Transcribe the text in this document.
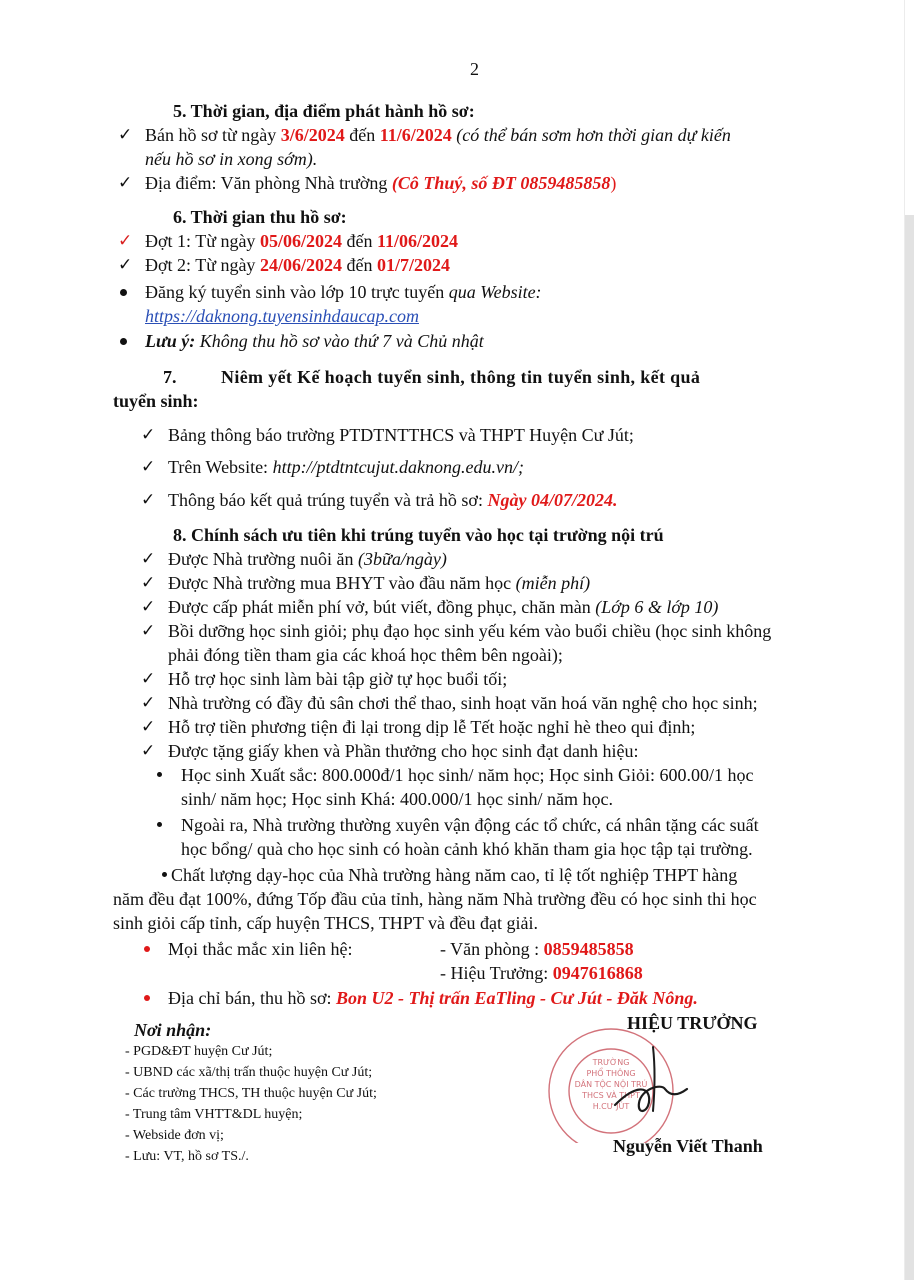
2
5. Thời gian, địa điểm phát hành hồ sơ:
✓ Bán hồ sơ từ ngày 3/6/2024 đến 11/6/2024 (có thể bán sơm hơn thời gian dự kiến
nếu hồ sơ in xong sớm).
✓ Địa điểm: Văn phòng Nhà trường (Cô Thuý, số ĐT 0859485858)
6. Thời gian thu hồ sơ:
✓ Đợt 1: Từ ngày 05/06/2024 đến 11/06/2024
✓ Đợt 2: Từ ngày 24/06/2024 đến 01/7/2024
Đăng ký tuyển sinh vào lớp 10 trực tuyến qua Website:
https://daknong.tuyensinhdaucap.com
Lưu ý: Không thu hồ sơ vào thứ 7 và Chủ nhật
7. Niêm yết Kế hoạch tuyển sinh, thông tin tuyển sinh, kết quả
tuyển sinh:
✓ Bảng thông báo trường PTDTNTTHCS và THPT Huyện Cư Jút;
✓ Trên Website: http://ptdtntcujut.daknong.edu.vn/;
✓ Thông báo kết quả trúng tuyển và trả hồ sơ: Ngày 04/07/2024.
8. Chính sách ưu tiên khi trúng tuyển vào học tại trường nội trú
✓ Được Nhà trường nuôi ăn (3bữa/ngày)
✓ Được Nhà trường mua BHYT vào đầu năm học (miễn phí)
✓ Được cấp phát miễn phí vở, bút viết, đồng phục, chăn màn (Lớp 6 & lớp 10)
✓ Bồi dưỡng học sinh giỏi; phụ đạo học sinh yếu kém vào buổi chiều (học sinh không
phải đóng tiền tham gia các khoá học thêm bên ngoài);
✓ Hỗ trợ học sinh làm bài tập giờ tự học buổi tối;
✓ Nhà trường có đầy đủ sân chơi thể thao, sinh hoạt văn hoá văn nghệ cho học sinh;
✓ Hỗ trợ tiền phương tiện đi lại trong dịp lễ Tết hoặc nghỉ hè theo qui định;
✓ Được tặng giấy khen và Phần thưởng cho học sinh đạt danh hiệu:
Học sinh Xuất sắc: 800.000đ/1 học sinh/ năm học; Học sinh Giỏi: 600.00/1 học
sinh/ năm học; Học sinh Khá: 400.000/1 học sinh/ năm học.
Ngoài ra, Nhà trường thường xuyên vận động các tổ chức, cá nhân tặng các suất
học bổng/ quà cho học sinh có hoàn cảnh khó khăn tham gia học tập tại trường.
Chất lượng dạy-học của Nhà trường hàng năm cao, tỉ lệ tốt nghiệp THPT hàng
năm đều đạt 100%, đứng Tốp đầu của tỉnh, hàng năm Nhà trường đều có học sinh thi học
sinh giỏi cấp tỉnh, cấp huyện THCS, THPT và đều đạt giải.
Mọi thắc mắc xin liên hệ:	- Văn phòng : 0859485858
- Hiệu Trưởng: 0947616868
Địa chỉ bán, thu hồ sơ: Bon U2 - Thị trấn EaTling - Cư Jút - Đăk Nông.
Nơi nhận:
- PGD&ĐT huyện Cư Jút;
- UBND các xã/thị trấn thuộc huyện Cư Jút;
- Các trường THCS, TH thuộc huyện Cư Jút;
- Trung tâm VHTT&DL huyện;
- Webside đơn vị;
- Lưu: VT, hồ sơ TS./.
HIỆU TRƯỞNG
TRƯỜNG
PHỔ THÔNG
DÂN TỘC NỘI TRÚ
THCS VÀ THPT
H.CƯ JÚT
Nguyễn Viết Thanh
